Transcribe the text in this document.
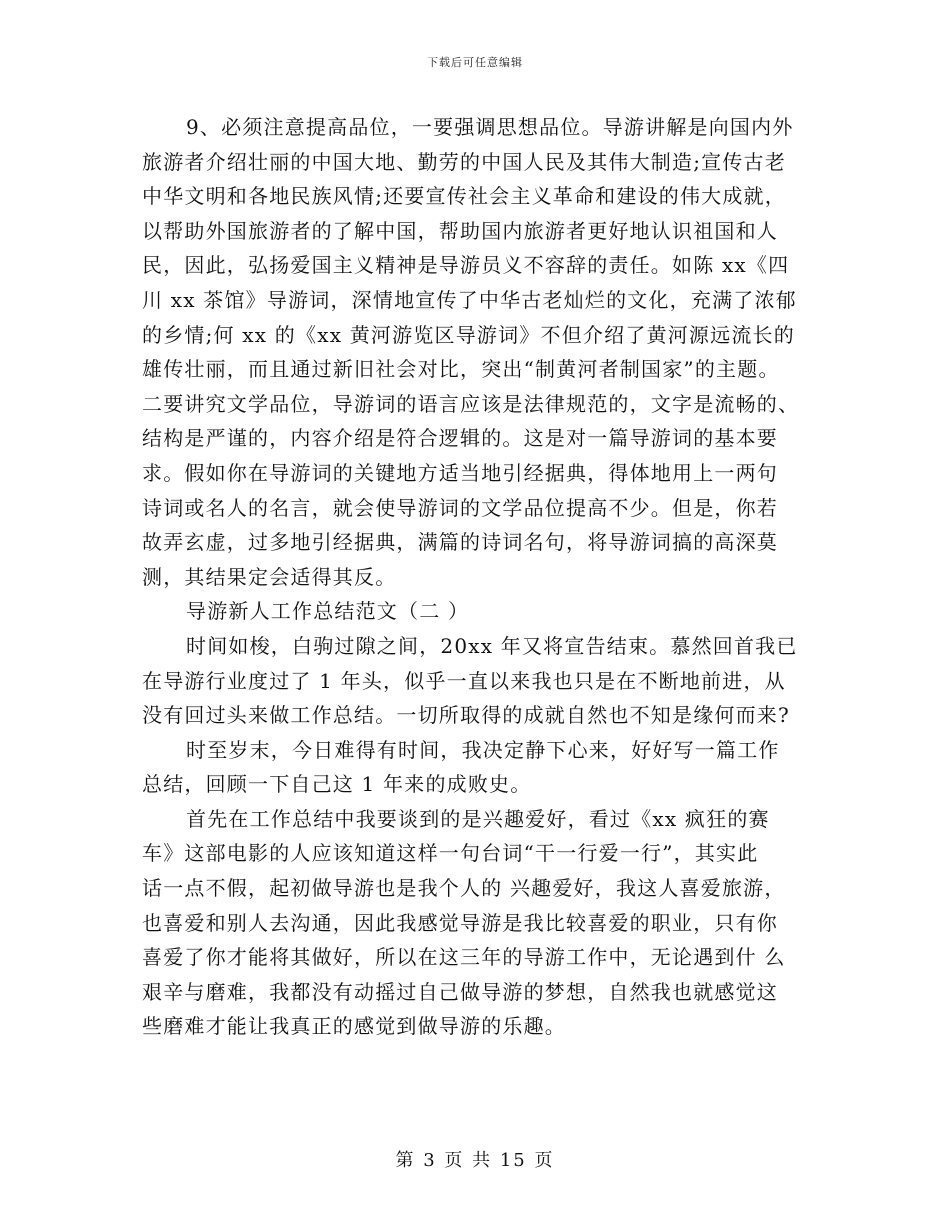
下载后可任意编辑
9、必须注意提高品位，一要强调思想品位。导游讲解是向国内外
旅游者介绍壮丽的中国大地、勤劳的中国人民及其伟大制造;宣传古老
中华文明和各地民族风情;还要宣传社会主义革命和建设的伟大成就，
以帮助外国旅游者的了解中国，帮助国内旅游者更好地认识祖国和人
民，因此，弘扬爱国主义精神是导游员义不容辞的责任。如陈 xx《四
川 xx 茶馆》导游词，深情地宣传了中华古老灿烂的文化，充满了浓郁
的乡情;何 xx 的《xx 黄河游览区导游词》不但介绍了黄河源远流长的
雄传壮丽，而且通过新旧社会对比，突出“制黄河者制国家”的主题。
二要讲究文学品位，导游词的语言应该是法律规范的，文字是流畅的、
结构是严谨的，内容介绍是符合逻辑的。这是对一篇导游词的基本要
求。假如你在导游词的关键地方适当地引经据典，得体地用上一两句
诗词或名人的名言，就会使导游词的文学品位提高不少。但是，你若
故弄玄虚，过多地引经据典，满篇的诗词名句，将导游词搞的高深莫
测，其结果定会适得其反。
导游新人工作总结范文（二 ）
时间如梭，白驹过隙之间，20xx 年又将宣告结束。慕然回首我已
在导游行业度过了 1 年头，似乎一直以来我也只是在不断地前进，从
没有回过头来做工作总结。一切所取得的成就自然也不知是缘何而来?
时至岁末，今日难得有时间，我决定静下心来，好好写一篇工作
总结，回顾一下自己这 1 年来的成败史。
首先在工作总结中我要谈到的是兴趣爱好，看过《xx 疯狂的赛
车》这部电影的人应该知道这样一句台词“干一行爱一行”，其实此
话一点不假，起初做导游也是我个人的 兴趣爱好，我这人喜爱旅游，
也喜爱和别人去沟通，因此我感觉导游是我比较喜爱的职业，只有你
喜爱了你才能将其做好，所以在这三年的导游工作中，无论遇到什 么
艰辛与磨难，我都没有动摇过自己做导游的梦想，自然我也就感觉这
些磨难才能让我真正的感觉到做导游的乐趣。
第 3 页 共 15 页
